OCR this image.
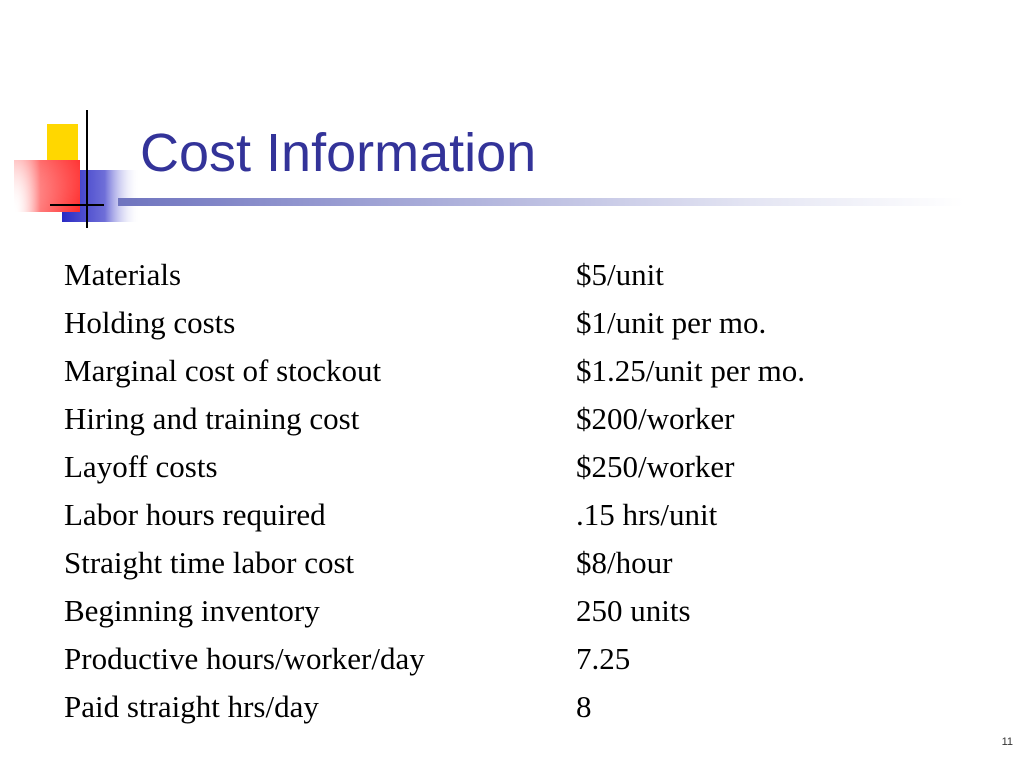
Cost Information
Materials	$5/unit
Holding costs	$1/unit per mo.
Marginal cost of stockout	$1.25/unit per mo.
Hiring and training cost	$200/worker
Layoff costs	$250/worker
Labor hours required	.15 hrs/unit
Straight time labor cost	$8/hour
Beginning inventory	250 units
Productive hours/worker/day	7.25
Paid straight hrs/day	8
11
